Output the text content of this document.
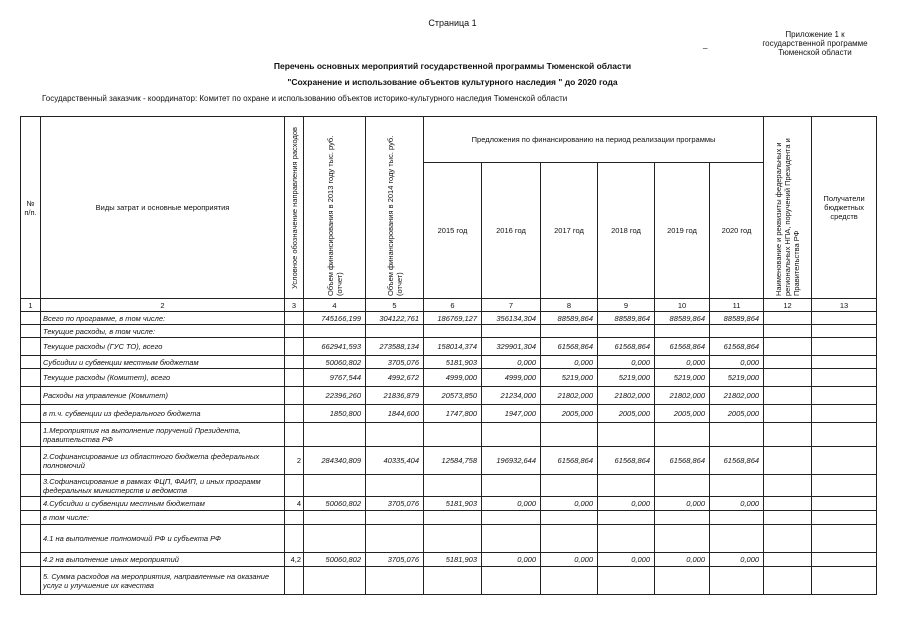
Страница 1
Приложение 1 к
государственной программе
Тюменской области
_
Перечень основных мероприятий государственной программы Тюменской области
"Сохранение и использование объектов культурного наследия " до 2020 года
Государственный заказчик - координатор: Комитет по охране и использованию объектов историко-культурного наследия Тюменской области
№ п/п.	Виды затрат и основные мероприятия	Условное обозначение направления расходов	Объем финансирования в 2013 году тыс. руб.(отчет)	Объем финансирования в 2014 году тыс. руб.(отчет)	Предложения по финансированию на период реализации программы						Наименование и реквизиты федеральных и региональных НПА, поручений Президента и Правительства РФ	Получатели бюджетных средств
					2015 год	2016 год	2017 год	2018 год	2019 год	2020 год		
1	2	3	4	5	6	7	8	9	10	11	12	13
	Всего по программе, в том числе:		745166,199	304122,761	186769,127	356134,304	88589,864	88589,864	88589,864	88589,864		
	Текущие расходы, в том числе:											
	Текущие расходы (ГУС ТО), всего		662941,593	273588,134	158014,374	329901,304	61568,864	61568,864	61568,864	61568,864		
	Субсидии и субвенции местным бюджетам		50060,802	3705,076	5181,903	0,000	0,000	0,000	0,000	0,000		
	Текущие расходы (Комитет), всего		9767,544	4992,672	4999,000	4999,000	5219,000	5219,000	5219,000	5219,000		
	Расходы на управление (Комитет)		22396,260	21836,879	20573,850	21234,000	21802,000	21802,000	21802,000	21802,000		
	в т.ч. субвенции из федерального бюджета		1850,800	1844,600	1747,800	1947,000	2005,000	2005,000	2005,000	2005,000		
	1.Мероприятия на выполнение поручений Президента, правительства РФ											
	2.Софинансирование из областного бюджета федеральных полномочий	2	284340,809	40335,404	12584,758	196932,644	61568,864	61568,864	61568,864	61568,864		
	3.Софинансирование в рамках ФЦП, ФАИП, и иных программ федеральных министерств и ведомств											
	4.Субсидии и субвенции местным бюджетам	4	50060,802	3705,076	5181,903	0,000	0,000	0,000	0,000	0,000		
	в том числе:											
	4.1 на выполнение полномочий РФ и субъекта РФ											
	4.2 на выполнение иных мероприятий	4,2	50060,802	3705,076	5181,903	0,000	0,000	0,000	0,000	0,000		
	5. Сумма расходов на мероприятия, направленные на оказание услуг и улучшение их качества											
